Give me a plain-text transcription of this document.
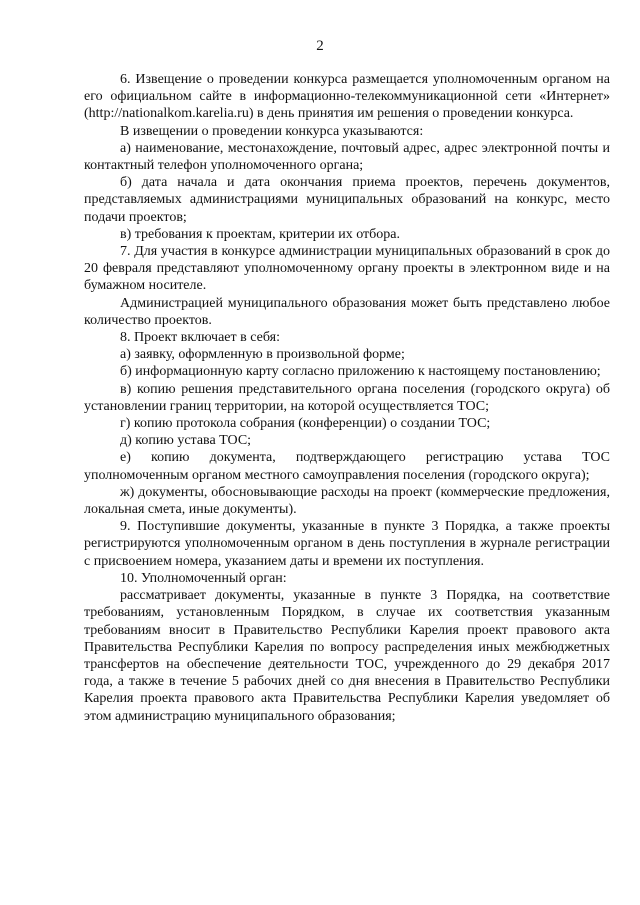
2

6. Извещение о проведении конкурса размещается уполномоченным органом на его официальном сайте в информационно-телекоммуникационной сети «Интернет» (http://nationalkom.karelia.ru) в день принятия им решения о проведении конкурса.

В извещении о проведении конкурса указываются:

а) наименование, местонахождение, почтовый адрес, адрес электронной почты и контактный телефон уполномоченного органа;

б) дата начала и дата окончания приема проектов, перечень документов, представляемых администрациями муниципальных образований на конкурс, место подачи проектов;

в) требования к проектам, критерии их отбора.

7. Для участия в конкурсе администрации муниципальных образований в срок до 20 февраля представляют уполномоченному органу проекты в электронном виде и на бумажном носителе.

Администрацией муниципального образования может быть представлено любое количество проектов.

8. Проект включает в себя:

а) заявку, оформленную в произвольной форме;

б) информационную карту согласно приложению к настоящему постановлению;

в) копию решения представительного органа поселения (городского округа) об установлении границ территории, на которой осуществляется ТОС;

г) копию протокола собрания (конференции) о создании ТОС;

д) копию устава ТОС;

е) копию документа, подтверждающего регистрацию устава ТОС уполномоченным органом местного самоуправления поселения (городского округа);

ж) документы, обосновывающие расходы на проект (коммерческие предложения, локальная смета, иные документы).

9. Поступившие документы, указанные в пункте 3 Порядка, а также проекты регистрируются уполномоченным органом в день поступления в журнале регистрации с присвоением номера, указанием даты и времени их поступления.

10. Уполномоченный орган:

рассматривает документы, указанные в пункте 3 Порядка, на соответствие требованиям, установленным Порядком, в случае их соответствия указанным требованиям вносит в Правительство Республики Карелия проект правового акта Правительства Республики Карелия по вопросу распределения иных межбюджетных трансфертов на обеспечение деятельности ТОС, учрежденного до 29 декабря 2017 года, а также в течение 5 рабочих дней со дня внесения в Правительство Республики Карелия проекта правового акта Правительства Республики Карелия уведомляет об этом администрацию муниципального образования;
